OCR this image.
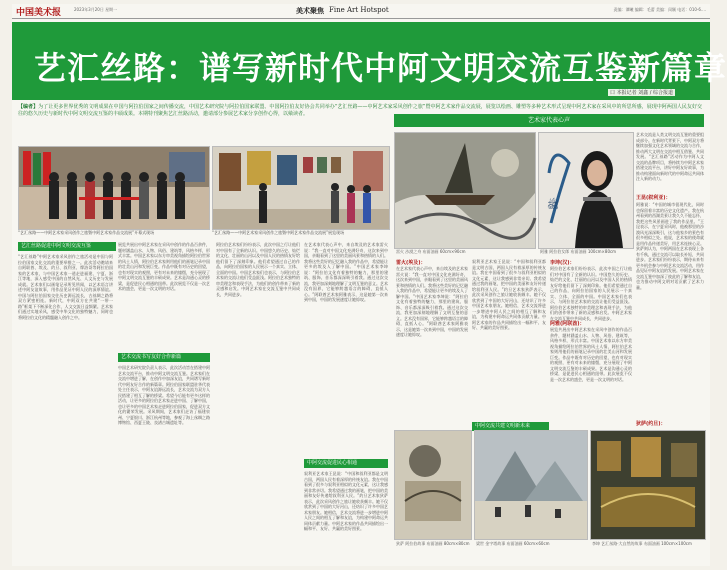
中国美术报	2023年3月20日 星期一	美术聚焦 Fine Art Hotspot	责编：谭曦 编辑：毛蕾 美编：闵颖 电话：010-6....
艺汇丝路：谱写新时代中阿文明交流互鉴新篇章
口 本报记者 刘鑫 / 综合报道
【编者】为了让更多世界优秀的文明成果在中国与阿拉伯国家之间传播交流，中国艺术研究院与阿拉伯国家联盟、中国阿拉伯友好协会共同举办“艺汇丝路——中阿艺术家采风创作之旅”暨中阿艺术家作品交流展，展览以绘画、雕塑等多种艺术形式呈现中阿艺术家在采风中的所思所感，展现中阿两国人民友好交往的悠久历史与新时代中阿文明交流互鉴的丰硕成果。本期特刊聚焦艺汇丝路活动，邀请部分参展艺术家分享创作心得，以飨读者。
“艺汇丝路——中阿艺术家采风创作之旅暨中阿艺术家作品交流展”开幕式现场	“艺汇丝路——中阿艺术家采风创作之旅暨中阿艺术家作品交流展”展览现场
艺汇丝路促进中阿文明交流互鉴
“艺汇丝路”中阿艺术家采风创作之旅活动是中国与阿拉伯国家文化交流的重要举措之一。此次活动邀请来自阿联酋、埃及、约旦、叙利亚、摩洛哥等阿拉伯国家的艺术家，与中国艺术家一道走进福建、宁夏、浙江等地，深入感受中国的自然风光、人文历史与发展成就。艺术家们以画笔记录所见所闻，以艺术语言讲述中阿友谊故事，用作品见证中阿人民的深厚情谊。中国与阿拉伯国家交往历史源远流长，古丝绸之路将双方紧密相连。新时代，中阿双方在共建“一带一路”框架下不断深化合作，人文交流日益频繁。艺术家们通过实地采风，感受中华文化的独特魅力，同时也将阿拉伯文化的精髓融入创作之中。
展览共展出中阿艺术家在采风中创作的作品百余件，题材涵盖山水、人物、风俗、建筑等，风格多样，形式丰富。中国艺术家以东方审美视角描绘阿拉伯世界的风土人情，阿拉伯艺术家则用他们的画笔记录中国的壮美山河和发展巨变。作品中既有对历史的回望，也有对现实的观照，更有对未来的憧憬，充分展现了中阿文明交流互鉴的丰硕成果。艺术是沟通心灵的桥梁，是促进民心相通的纽带。此次展览不仅是一次艺术的盛会，更是一次文明的对话。
艺术交流书写友好合作新篇
中国艺术研究院负责人表示，此次活动旨在搭建中阿艺术交流平台，推动中阿文明交流互鉴。艺术家们在交流中增进了解，在创作中加深友谊，共同谱写新时代中阿友好合作的新篇章。阿拉伯国家联盟驻华代表处主任表示，中阿友谊源远流长，艺术交流为双方人民搭建了相互了解的桥梁。希望今后能有更多这样的活动，让更多的阿拉伯艺术家走进中国、了解中国，也让更多的中国艺术家走进阿拉伯国家，促进双方文化的繁荣发展。采风期间，艺术家们走访了福建泉州、宁夏银川、浙江杭州等地，参观了海上丝绸之路博物馆、西夏王陵、良渚古城遗址等。
阿拉伯艺术家们纷纷表示，此次中国之行让他们对中国有了全新的认识。中国悠久的历史、灿烂的文化、壮丽的山河以及中国人民的热情友好给他们留下了深刻印象。他们希望通过自己的作品，向阿拉伯国家的人民展示一个真实、立体、全面的中国。中国艺术家们也表示，与阿拉伯艺术家的交流让他们受益匪浅。阿拉伯艺术独特的审美理念和表现手法，为他们的创作带来了新的灵感和启发。中阿艺术家在交流互鉴中共同成长，共同进步。
在艺术家代表心声中，来自埃及的艺术家雷火说：“我一直对中国文化充满好奇，这次来到中国，亲眼看到了这里的美丽风景和热情的人们。我将这些美好的记忆融入我的作品中，希望能让更多的埃及人了解中国。”中国艺术家李坤说：“阿拉伯文化有着独特的魅力，那里的建筑、服饰、音乐都深深吸引着我。通过这次交流，我更加深刻地理解了文明互鉴的意义。艺术没有国界，它能够跨越语言的障碍，直抵人心。”阿联酋艺术家阿雅表示，这是她第一次来到中国，中国的发展速度让她惊叹。
中阿交流促进民心相通
叙利亚艺术家王昆说：“中国和叙利亚都是文明古国，两国人民有着深厚的传统友谊。我在中国看到了很多与叙利亚相似的文化元素，这让我感到非常亲切。我希望通过我的画笔，把中国的美丽和友好传递给叙利亚人民。”约旦艺术家狄萨表示，此次采风创作之旅让她收获颇丰。她不仅欣赏到了中国的大好河山，还结识了许多中国艺术家朋友。她相信，艺术交流将进一步增进中阿人民之间的相互了解和友谊，为构建中阿命运共同体贡献力量。中阿艺术家的作品共同描绘出一幅和平、友好、共赢的美好图景。
艺术家代表心声
ﷺ
雷火 沙漠之舟 布面油画 60cm×90cm	阿雅 阿拉伯女郎 布面油画 100cm×80cm
艺术交流是人类文明交流互鉴的重要组成部分。在新时代背景下，中阿双方将继续加强文化艺术领域的交流与合作，推动两大文明在交流中相互借鉴、共同发展。“艺汇丝路”活动作为中阿人文交流的品牌项目，将持续为中阿艺术家搭建交流平台，讲好中阿友好故事，为推动构建面向新时代的中阿命运共同体注入新的动力。
王昆(叙利亚)：
阿雅说：“中国的城市很现代化，同时也保留着丰富的历史文化遗产。我在杭州看到的西湖美景让我久久不能忘怀，我把这些风景画进了我的作品里。”王昆表示，在宁夏采风时，他被那里的沙漠风光深深吸引，这与他家乡的景色有很多相似之处。他说，艺术家的使命就是用作品传递美好，用艺术连接心灵。狄萨则认为，中阿两国在艺术表现上各有千秋，通过交流可以取长补短，共同进步。艺术家们纷纷表示，期待未来有更多机会参与中阿艺术交流活动，用作品见证中阿友谊的发展。中阿艺术家在交流互鉴中加深了彼此的了解和友谊，也为推动中阿文明对话贡献了艺术力量。
雷火(埃及)：
在艺术家代表心声中，来自埃及的艺术家雷火说：“我一直对中国文化充满好奇，这次来到中国，亲眼看到了这里的美丽风景和热情的人们。我将这些美好的记忆融入我的作品中，希望能让更多的埃及人了解中国。”中国艺术家李坤说：“阿拉伯文化有着独特的魅力，那里的建筑、服饰、音乐都深深吸引着我。通过这次交流，我更加深刻地理解了文明互鉴的意义。艺术没有国界，它能够跨越语言的障碍，直抵人心。”阿联酋艺术家阿雅表示，这是她第一次来到中国，中国的发展速度让她惊叹。
叙利亚艺术家王昆说：“中国和叙利亚都是文明古国，两国人民有着深厚的传统友谊。我在中国看到了很多与叙利亚相似的文化元素，这让我感到非常亲切。我希望通过我的画笔，把中国的美丽和友好传递给叙利亚人民。”约旦艺术家狄萨表示，此次采风创作之旅让她收获颇丰。她不仅欣赏到了中国的大好河山，还结识了许多中国艺术家朋友。她相信，艺术交流将进一步增进中阿人民之间的相互了解和友谊，为构建中阿命运共同体贡献力量。中阿艺术家的作品共同描绘出一幅和平、友好、共赢的美好图景。
李坤(汉)：
阿拉伯艺术家们纷纷表示，此次中国之行让他们对中国有了全新的认识。中国悠久的历史、灿烂的文化、壮丽的山河以及中国人民的热情友好给他们留下了深刻印象。他们希望通过自己的作品，向阿拉伯国家的人民展示一个真实、立体、全面的中国。中国艺术家们也表示，与阿拉伯艺术家的交流让他们受益匪浅。阿拉伯艺术独特的审美理念和表现手法，为他们的创作带来了新的灵感和启发。中阿艺术家在交流互鉴中共同成长，共同进步。
阿雅(阿联酋)：
展览共展出中阿艺术家在采风中创作的作品百余件，题材涵盖山水、人物、风俗、建筑等，风格多样，形式丰富。中国艺术家以东方审美视角描绘阿拉伯世界的风土人情，阿拉伯艺术家则用他们的画笔记录中国的壮美山河和发展巨变。作品中既有对历史的回望，也有对现实的观照，更有对未来的憧憬，充分展现了中阿文明交流互鉴的丰硕成果。艺术是沟通心灵的桥梁，是促进民心相通的纽带。此次展览不仅是一次艺术的盛会，更是一次文明的对话。
狄萨(约旦)：
中阿交流共建文明新未来
狄萨 阿拉伯故事 布面油画 80cm×80cm	梁世 金字塔故事 布面油画 60cm×60cm	李坤 艺汇丝路·大自然的故事 布面油画 100cm×100cm
